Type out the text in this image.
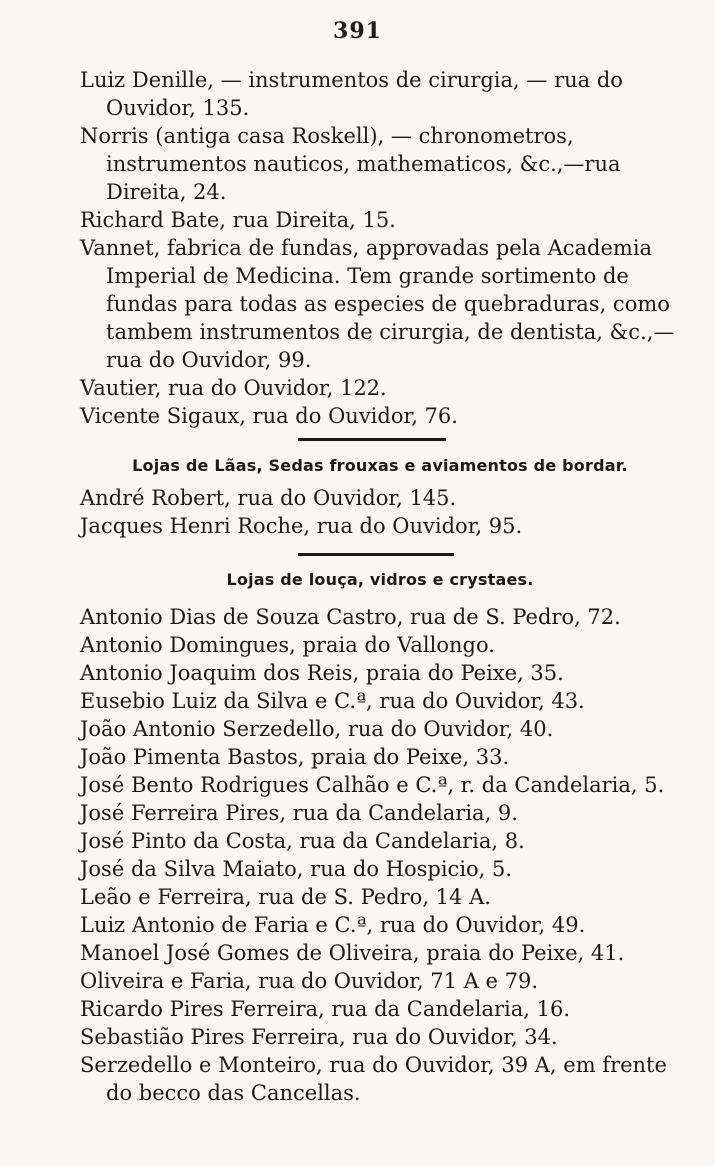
391

Luiz Denille, — instrumentos de cirurgia, — rua do Ouvidor, 135.

Norris (antiga casa Roskell), — chronometros, instrumentos nauticos, mathematicos, &c.,—rua Direita, 24.

Richard Bate, rua Direita, 15.

Vannet, fabrica de fundas, approvadas pela Academia Imperial de Medicina. Tem grande sortimento de fundas para todas as especies de quebraduras, como tambem instrumentos de cirurgia, de dentista, &c.,—rua do Ouvidor, 99.

Vautier, rua do Ouvidor, 122.

Vicente Sigaux, rua do Ouvidor, 76.

Lojas de Lãas, Sedas frouxas e aviamentos de bordar.

André Robert, rua do Ouvidor, 145.

Jacques Henri Roche, rua do Ouvidor, 95.

Lojas de louça, vidros e crystaes.

Antonio Dias de Souza Castro, rua de S. Pedro, 72.

Antonio Domingues, praia do Vallongo.

Antonio Joaquim dos Reis, praia do Peixe, 35.

Eusebio Luiz da Silva e C.ª, rua do Ouvidor, 43.

João Antonio Serzedello, rua do Ouvidor, 40.

João Pimenta Bastos, praia do Peixe, 33.

José Bento Rodrigues Calhão e C.ª, r. da Candelaria, 5.

José Ferreira Pires, rua da Candelaria, 9.

José Pinto da Costa, rua da Candelaria, 8.

José da Silva Maiato, rua do Hospicio, 5.

Leão e Ferreira, rua de S. Pedro, 14 A.

Luiz Antonio de Faria e C.ª, rua do Ouvidor, 49.

Manoel José Gomes de Oliveira, praia do Peixe, 41.

Oliveira e Faria, rua do Ouvidor, 71 A e 79.

Ricardo Pires Ferreira, rua da Candelaria, 16.

Sebastião Pires Ferreira, rua do Ouvidor, 34.

Serzedello e Monteiro, rua do Ouvidor, 39 A, em frente do becco das Cancellas.
